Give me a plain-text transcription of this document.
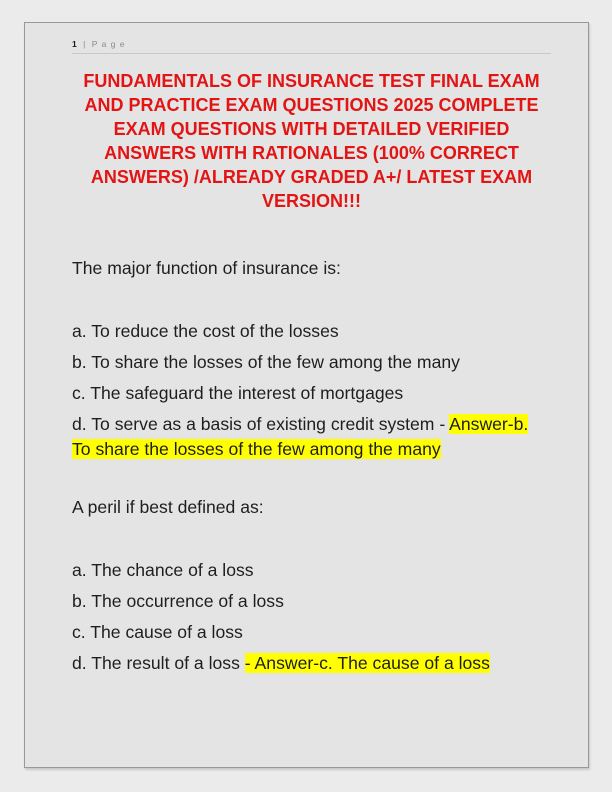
1 | P a g e
FUNDAMENTALS OF INSURANCE TEST FINAL EXAM
AND PRACTICE EXAM QUESTIONS 2025 COMPLETE
EXAM QUESTIONS WITH DETAILED VERIFIED
ANSWERS WITH RATIONALES (100% CORRECT
ANSWERS) /ALREADY GRADED A+/ LATEST EXAM
VERSION!!!

The major function of insurance is:

a. To reduce the cost of the losses

b. To share the losses of the few among the many

c. The safeguard the interest of mortgages

d. To serve as a basis of existing credit system - Answer-b.
To share the losses of the few among the many

A peril if best defined as:

a. The chance of a loss

b. The occurrence of a loss

c. The cause of a loss

d. The result of a loss - Answer-c. The cause of a loss
